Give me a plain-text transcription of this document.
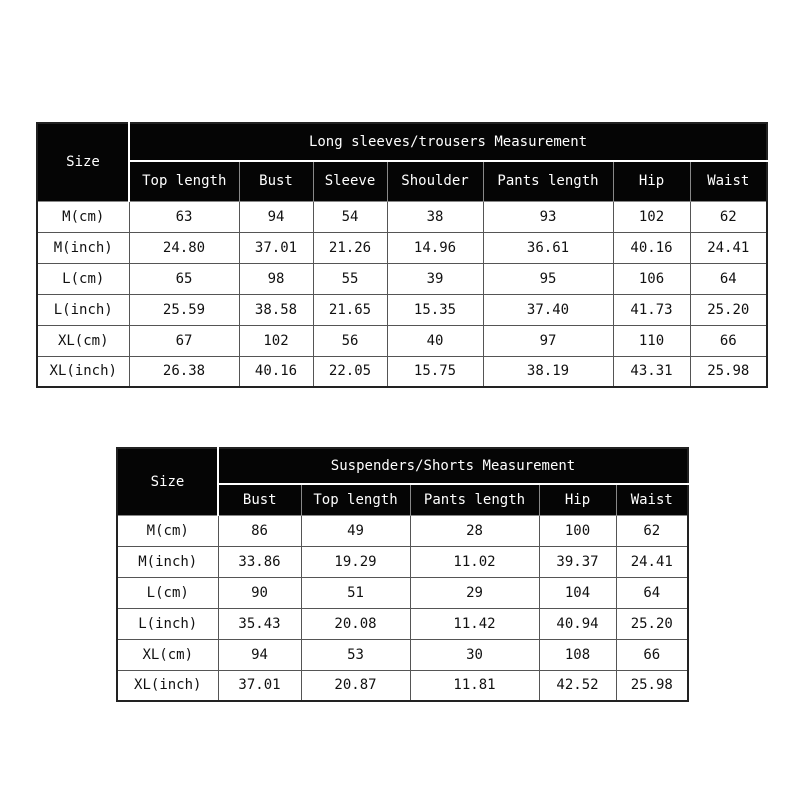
Size	Long sleeves/trousers Measurement						
	Top length	Bust	Sleeve	Shoulder	Pants length	Hip	Waist
M(cm)	63	94	54	38	93	102	62
M(inch)	24.80	37.01	21.26	14.96	36.61	40.16	24.41
L(cm)	65	98	55	39	95	106	64
L(inch)	25.59	38.58	21.65	15.35	37.40	41.73	25.20
XL(cm)	67	102	56	40	97	110	66
XL(inch)	26.38	40.16	22.05	15.75	38.19	43.31	25.98
Size	Suspenders/Shorts Measurement				
	Bust	Top length	Pants length	Hip	Waist
M(cm)	86	49	28	100	62
M(inch)	33.86	19.29	11.02	39.37	24.41
L(cm)	90	51	29	104	64
L(inch)	35.43	20.08	11.42	40.94	25.20
XL(cm)	94	53	30	108	66
XL(inch)	37.01	20.87	11.81	42.52	25.98
